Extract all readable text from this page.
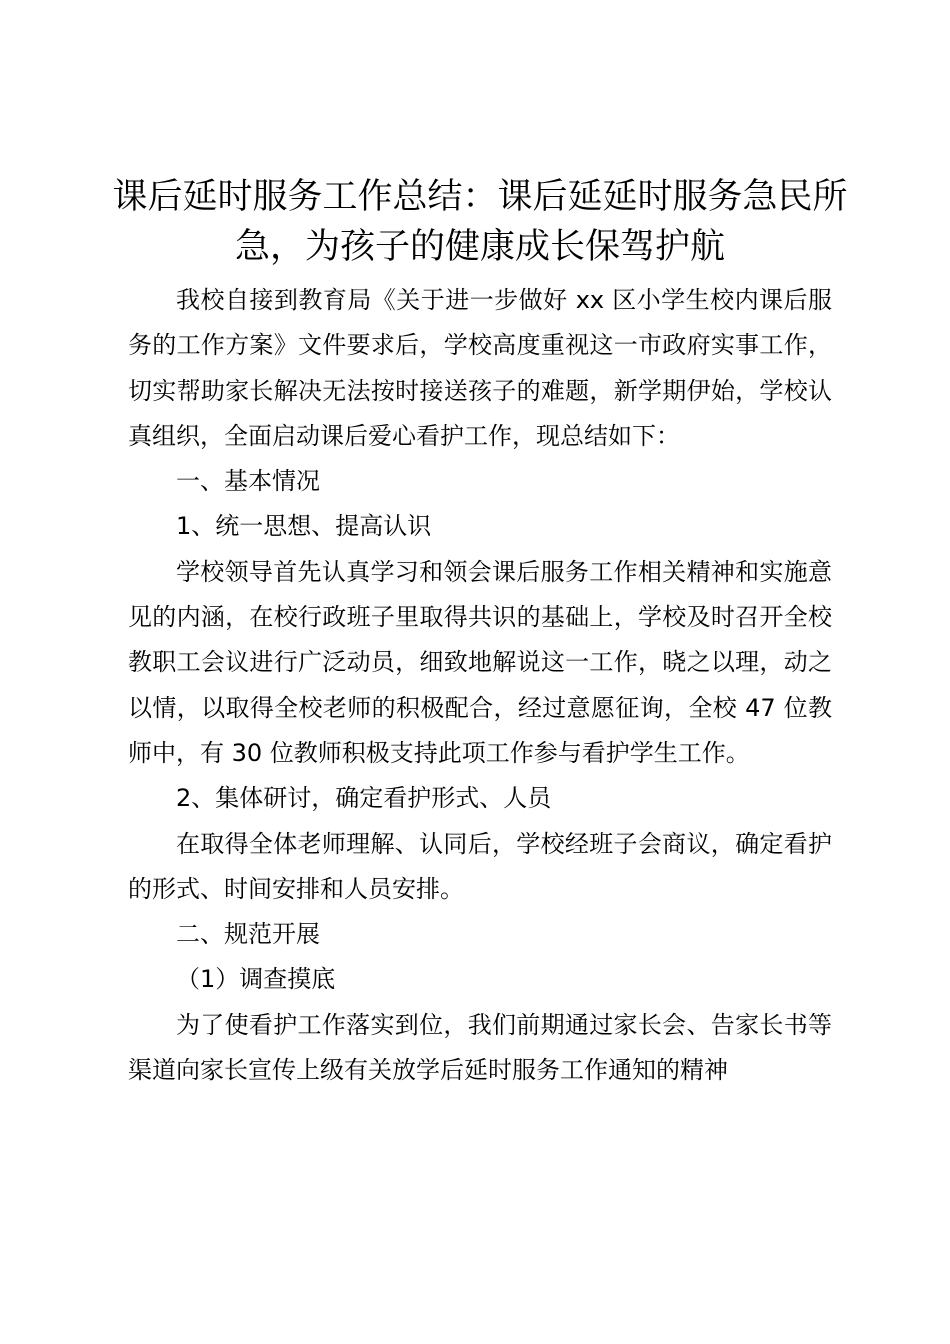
课后延时服务工作总结：课后延延时服务急民所急，为孩子的健康成长保驾护航

我校自接到教育局《关于进一步做好 xx 区小学生校内课后服务的工作方案》文件要求后，学校高度重视这一市政府实事工作，切实帮助家长解决无法按时接送孩子的难题，新学期伊始，学校认真组织，全面启动课后爱心看护工作，现总结如下：

一、基本情况

1、统一思想、提高认识

学校领导首先认真学习和领会课后服务工作相关精神和实施意见的内涵，在校行政班子里取得共识的基础上，学校及时召开全校教职工会议进行广泛动员，细致地解说这一工作，晓之以理，动之以情，以取得全校老师的积极配合，经过意愿征询，全校 47 位教师中，有 30 位教师积极支持此项工作参与看护学生工作。

2、集体研讨，确定看护形式、人员

在取得全体老师理解、认同后，学校经班子会商议，确定看护的形式、时间安排和人员安排。

二、规范开展

（1）调查摸底

为了使看护工作落实到位，我们前期通过家长会、告家长书等渠道向家长宣传上级有关放学后延时服务工作通知的精神
